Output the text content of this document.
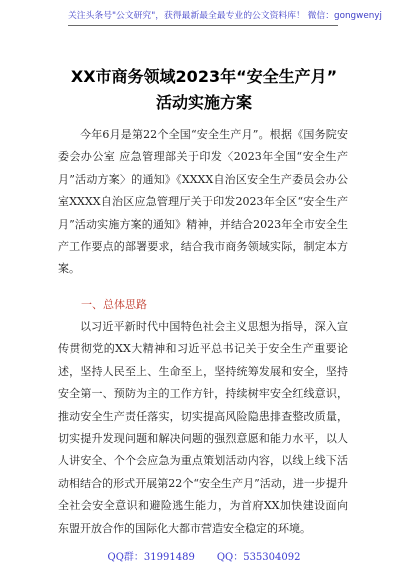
关注头条号"公文研究"，获得最新最全最专业的公文资料库！ 微信：gongwenyj
XX市商务领域2023年“安全生产月”
活动实施方案

今年6月是第22个全国“安全生产月”。根据《国务院安委会办公室 应急管理部关于印发〈2023年全国“安全生产月”活动方案〉的通知》《XXXX自治区安全生产委员会办公室XXXX自治区应急管理厅关于印发2023年全区“安全生产月”活动实施方案的通知》精神，并结合2023年全市安全生产工作要点的部署要求，结合我市商务领域实际，制定本方案。

一、总体思路

以习近平新时代中国特色社会主义思想为指导，深入宣传贯彻党的XX大精神和习近平总书记关于安全生产重要论述，坚持人民至上、生命至上，坚持统筹发展和安全，坚持安全第一、预防为主的工作方针，持续树牢安全红线意识，推动安全生产责任落实，切实提高风险隐患排查整改质量，切实提升发现问题和解决问题的强烈意愿和能力水平，以人人讲安全、个个会应急为重点策划活动内容，以线上线下活动相结合的形式开展第22个“安全生产月”活动，进一步提升全社会安全意识和避险逃生能力，为首府XX加快建设面向东盟开放合作的国际化大都市营造安全稳定的环境。

QQ群：31991489 QQ：535304092
